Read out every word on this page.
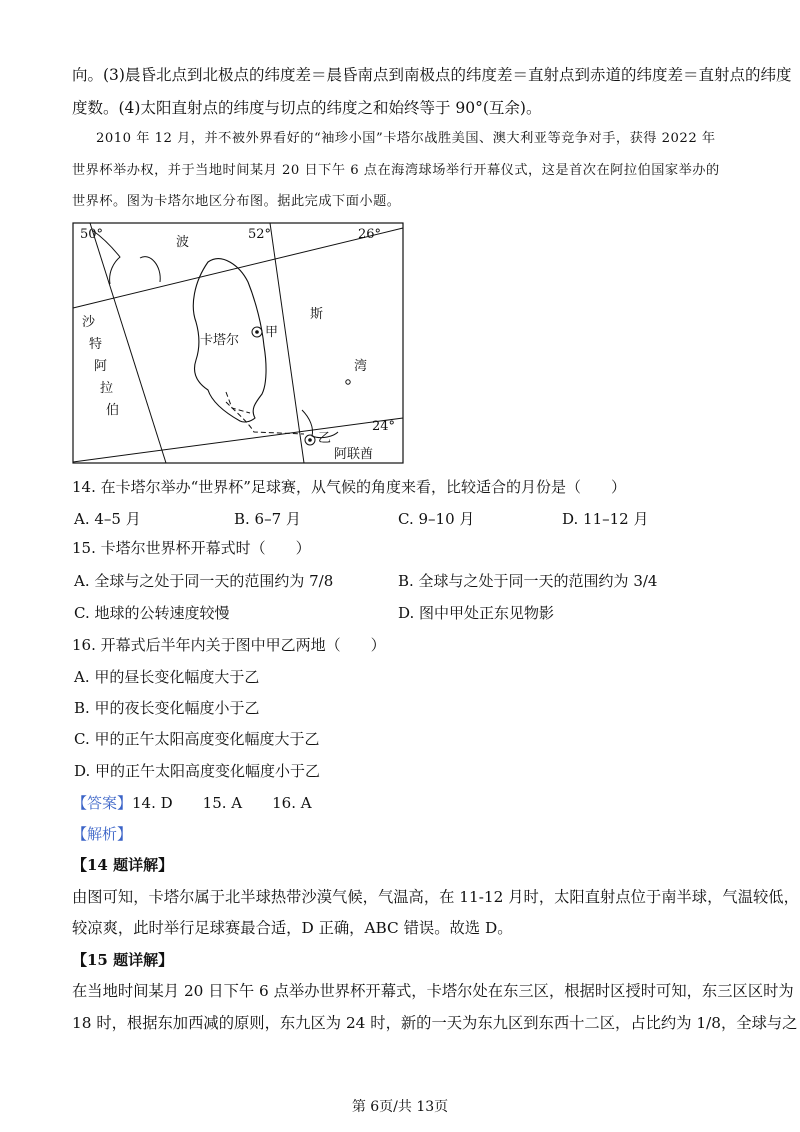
向。(3)晨昏北点到北极点的纬度差＝晨昏南点到南极点的纬度差＝直射点到赤道的纬度差＝直射点的纬度
度数。(4)太阳直射点的纬度与切点的纬度之和始终等于 90°(互余)。
2010 年 12 月，并不被外界看好的“袖珍小国”卡塔尔战胜美国、澳大利亚等竞争对手，获得 2022 年
世界杯举办权，并于当地时间某月 20 日下午 6 点在海湾球场举行开幕仪式，这是首次在阿拉伯国家举办的
世界杯。图为卡塔尔地区分布图。据此完成下面小题。
50°	52°	26°
24°
波
斯
湾
卡塔尔
甲
乙
沙
特
阿
拉
伯
阿联酋
14. 在卡塔尔举办“世界杯”足球赛，从气候的角度来看，比较适合的月份是（　　）
A. 4–5 月	B. 6–7 月	C. 9–10 月	D. 11–12 月
15. 卡塔尔世界杯开幕式时（　　）
A. 全球与之处于同一天的范围约为 7/8	B. 全球与之处于同一天的范围约为 3/4
C. 地球的公转速度较慢	D. 图中甲处正东见物影
16. 开幕式后半年内关于图中甲乙两地（　　）
A. 甲的昼长变化幅度大于乙
B. 甲的夜长变化幅度小于乙
C. 甲的正午太阳高度变化幅度大于乙
D. 甲的正午太阳高度变化幅度小于乙
【答案】14. D　　15. A　　16. A
【解析】
【14 题详解】
由图可知，卡塔尔属于北半球热带沙漠气候，气温高，在 11-12 月时，太阳直射点位于南半球，气温较低，
较凉爽，此时举行足球赛最合适，D 正确，ABC 错误。故选 D。
【15 题详解】
在当地时间某月 20 日下午 6 点举办世界杯开幕式，卡塔尔处在东三区，根据时区授时可知，东三区区时为
18 时，根据东加西减的原则，东九区为 24 时，新的一天为东九区到东西十二区，占比约为 1/8，全球与之
第 6页/共 13页
